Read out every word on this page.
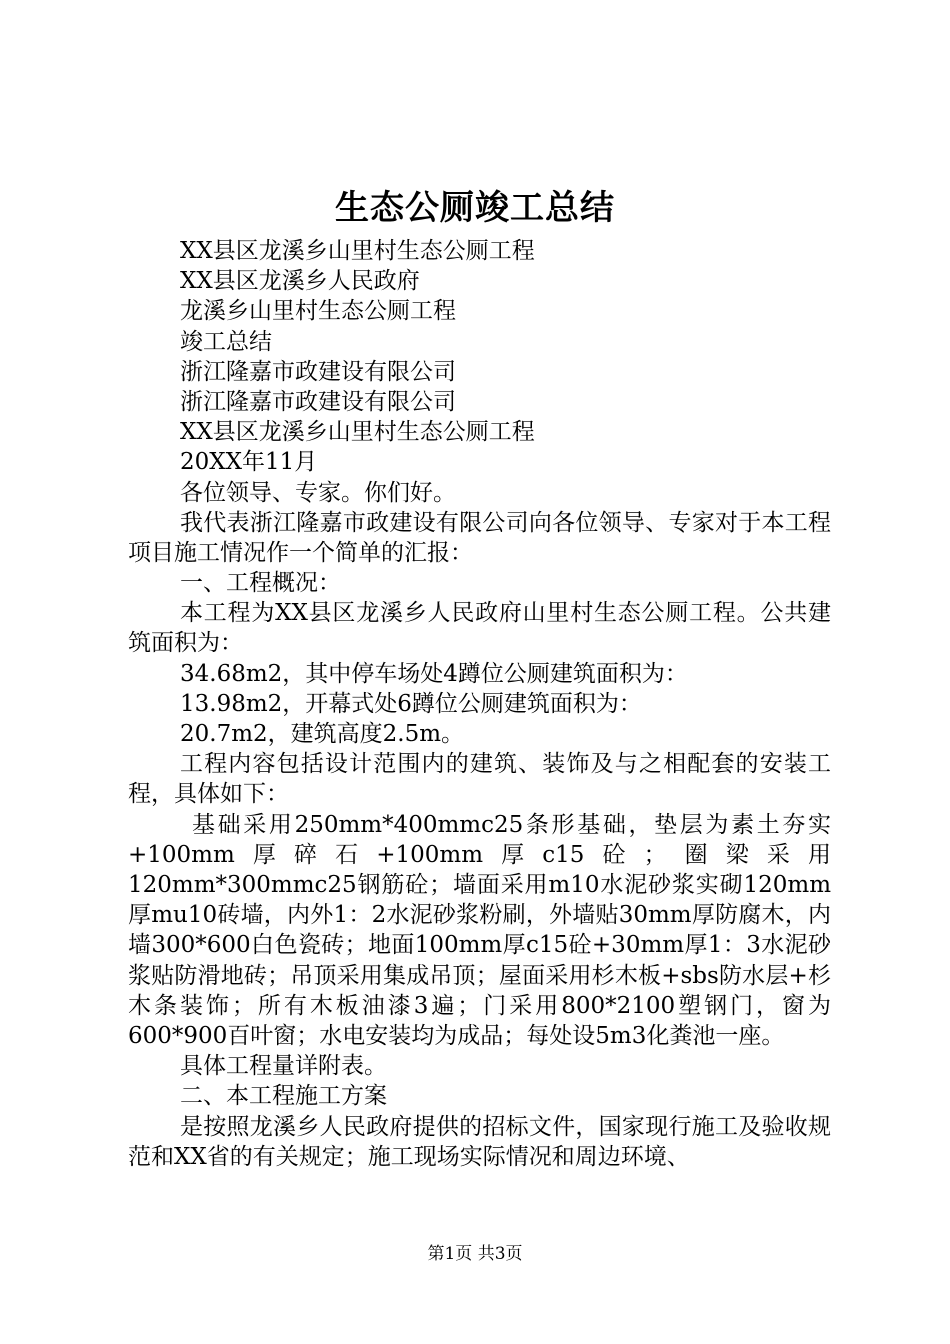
生态公厕竣工总结
XX县区龙溪乡山里村生态公厕工程
XX县区龙溪乡人民政府
龙溪乡山里村生态公厕工程
竣工总结
浙江隆嘉市政建设有限公司
浙江隆嘉市政建设有限公司
XX县区龙溪乡山里村生态公厕工程
20XX年11月
各位领导、专家。你们好。
我代表浙江隆嘉市政建设有限公司向各位领导、专家对于本工程项目施工情况作一个简单的汇报：
一、工程概况：
本工程为XX县区龙溪乡人民政府山里村生态公厕工程。公共建筑面积为：
34.68m2，其中停车场处4蹲位公厕建筑面积为：
13.98m2，开幕式处6蹲位公厕建筑面积为：
20.7m2，建筑高度2.5m。
工程内容包括设计范围内的建筑、装饰及与之相配套的安装工程，具体如下：
基础采用250mm*400mmc25条形基础，垫层为素土夯实+100mm厚碎石+100mm厚c15砼；圈梁采用120mm*300mmc25钢筋砼；墙面采用m10水泥砂浆实砌120mm厚mu10砖墙，内外1：2水泥砂浆粉刷，外墙贴30mm厚防腐木，内墙300*600白色瓷砖；地面100mm厚c15砼+30mm厚1：3水泥砂浆贴防滑地砖；吊顶采用集成吊顶；屋面采用杉木板+sbs防水层+杉木条装饰；所有木板油漆3遍；门采用800*2100塑钢门，窗为600*900百叶窗；水电安装均为成品；每处设5m3化粪池一座。
具体工程量详附表。
二、本工程施工方案
是按照龙溪乡人民政府提供的招标文件，国家现行施工及验收规范和XX省的有关规定；施工现场实际情况和周边环境、
第1页 共3页
